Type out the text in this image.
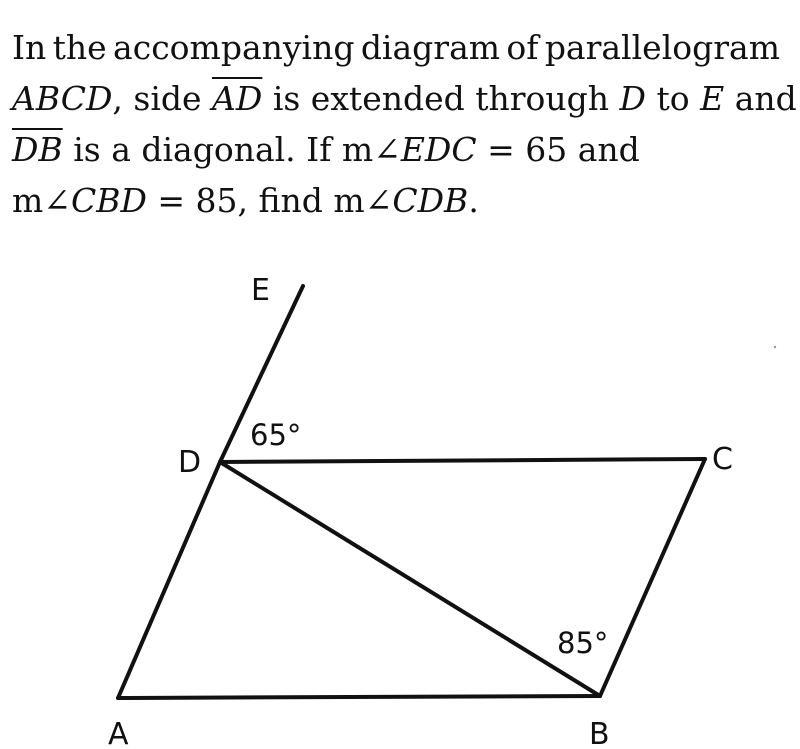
In the accompanying diagram of parallelogram
ABCD, side $\overline{AD}$ is extended through D to E and
$\overline{DB}$ is a diagonal. If m∠EDC = 65 and
m∠CBD = 85, find m∠CDB.
E
D	C
A	B
65°
85°
